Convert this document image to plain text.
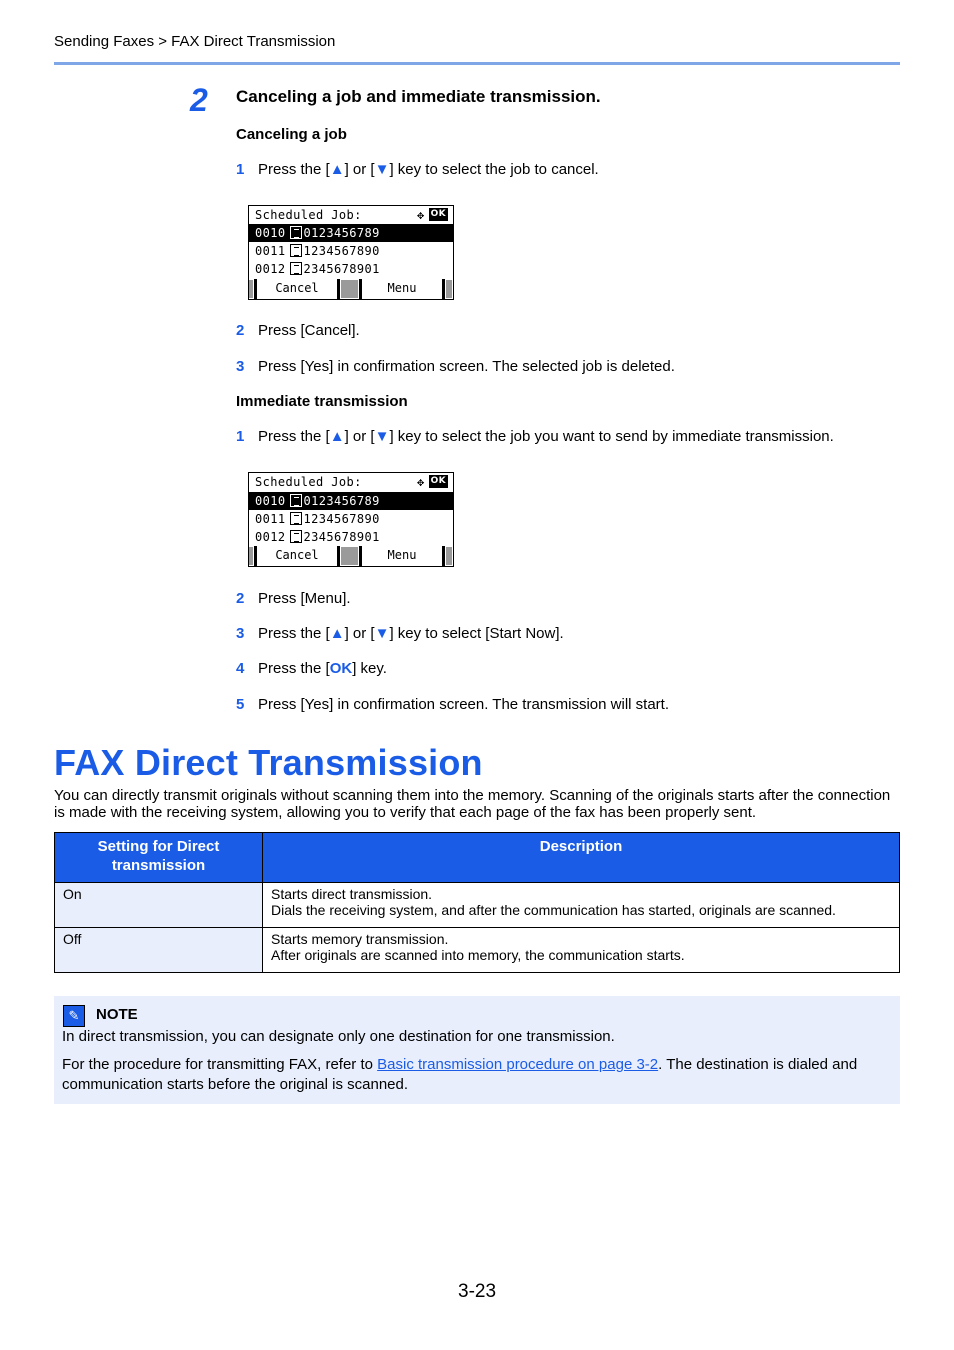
Sending Faxes > FAX Direct Transmission
2 Canceling a job and immediate transmission.
Canceling a job
1 Press the [▲] or [▼] key to select the job to cancel.
Scheduled Job:	✥ OK
0010 0123456789
0011 1234567890
0012 2345678901
Cancel	Menu
2 Press [Cancel].
3 Press [Yes] in confirmation screen. The selected job is deleted.
Immediate transmission
1 Press the [▲] or [▼] key to select the job you want to send by immediate transmission.
Scheduled Job:	✥ OK
0010 0123456789
0011 1234567890
0012 2345678901
Cancel	Menu
2 Press [Menu].
3 Press the [▲] or [▼] key to select [Start Now].
4 Press the [OK] key.
5 Press [Yes] in confirmation screen. The transmission will start.
FAX Direct Transmission
You can directly transmit originals without scanning them into the memory. Scanning of the originals starts after the connection is made with the receiving system, allowing you to verify that each page of the fax has been properly sent.
Setting for Direct transmission	Description
On	Starts direct transmission.
Dials the receiving system, and after the communication has started, originals are scanned.

Off	Starts memory transmission.
After originals are scanned into memory, the communication starts.
✎	NOTE
In direct transmission, you can designate only one destination for one transmission.
For the procedure for transmitting FAX, refer to Basic transmission procedure on page 3-2. The destination is dialed and communication starts before the original is scanned.
3-23
